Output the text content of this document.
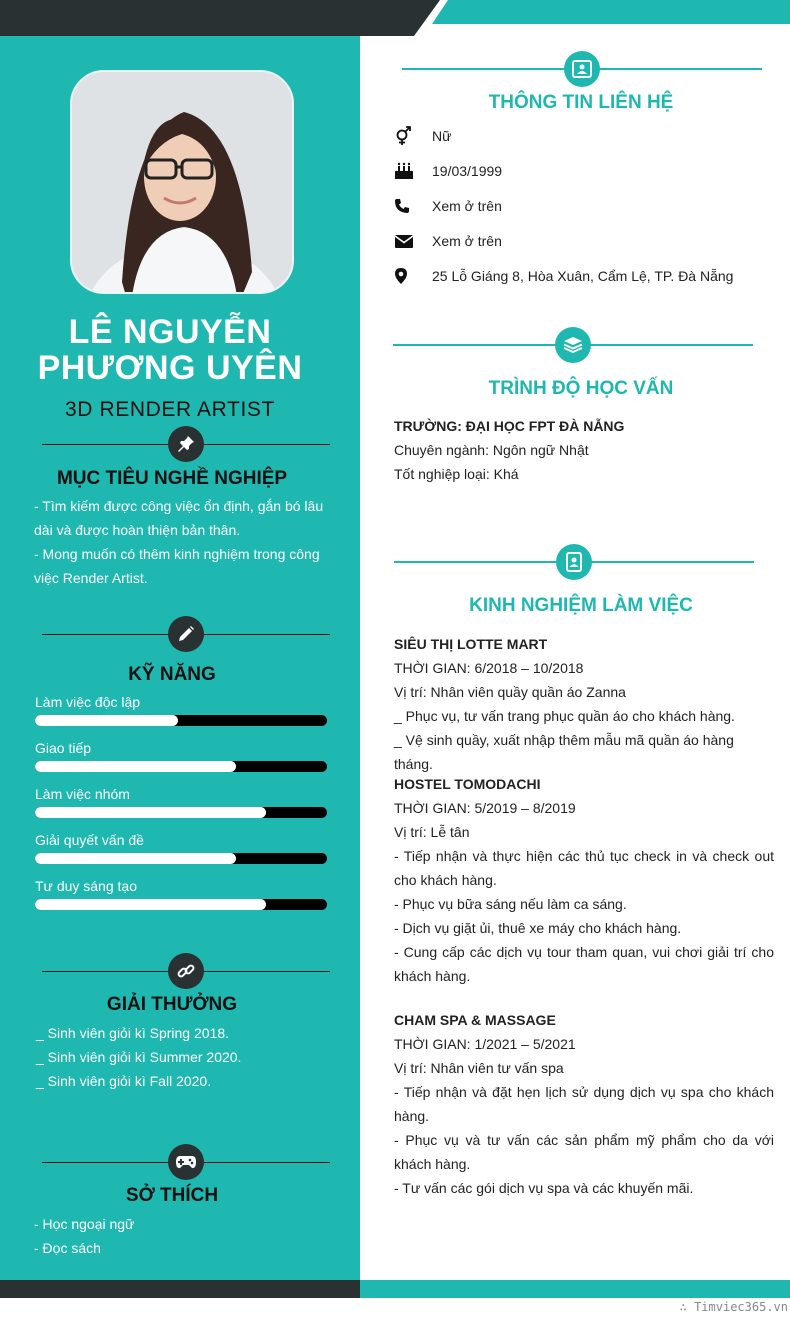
LÊ NGUYỄN
PHƯƠNG UYÊN
3D RENDER ARTIST
MỤC TIÊU NGHỀ NGHIỆP
- Tìm kiếm được công việc ổn định, gắn bó lâu dài và được hoàn thiện bản thân.
- Mong muốn có thêm kinh nghiệm trong công việc Render Artist.
KỸ NĂNG
Làm việc độc lập
Giao tiếp
Làm việc nhóm
Giải quyết vấn đề
Tư duy sáng tạo
GIẢI THƯỞNG
_ Sinh viên giỏi kì Spring 2018.
_ Sinh viên giỏi kì Summer 2020.
_ Sinh viên giỏi kì Fall 2020.
SỞ THÍCH
- Học ngoại ngữ
- Đọc sách
THÔNG TIN LIÊN HỆ
Nữ
19/03/1999
Xem ở trên
Xem ở trên
25 Lỗ Giáng 8, Hòa Xuân, Cẩm Lệ, TP. Đà Nẵng
TRÌNH ĐỘ HỌC VẤN
TRƯỜNG: ĐẠI HỌC FPT ĐÀ NẴNG
Chuyên ngành: Ngôn ngữ Nhật
Tốt nghiệp loại: Khá
KINH NGHIỆM LÀM VIỆC
SIÊU THỊ LOTTE MART
THỜI GIAN: 6/2018 – 10/2018
Vị trí: Nhân viên quầy quần áo Zanna
_ Phục vụ, tư vấn trang phục quần áo cho khách hàng.
_ Vệ sinh quầy, xuất nhập thêm mẫu mã quần áo hàng tháng.
HOSTEL TOMODACHI
THỜI GIAN: 5/2019 – 8/2019
Vị trí: Lễ tân
- Tiếp nhận và thực hiện các thủ tục check in và check out cho khách hàng.
- Phục vụ bữa sáng nếu làm ca sáng.
- Dịch vụ giặt ủi, thuê xe máy cho khách hàng.
- Cung cấp các dịch vụ tour tham quan, vui chơi giải trí cho khách hàng.
CHAM SPA & MASSAGE
THỜI GIAN: 1/2021 – 5/2021
Vị trí: Nhân viên tư vấn spa
- Tiếp nhận và đặt hẹn lịch sử dụng dịch vụ spa cho khách hàng.
- Phục vụ và tư vấn các sản phẩm mỹ phẩm cho da với khách hàng.
- Tư vấn các gói dịch vụ spa và các khuyến mãi.
∴ Timviec365.vn
